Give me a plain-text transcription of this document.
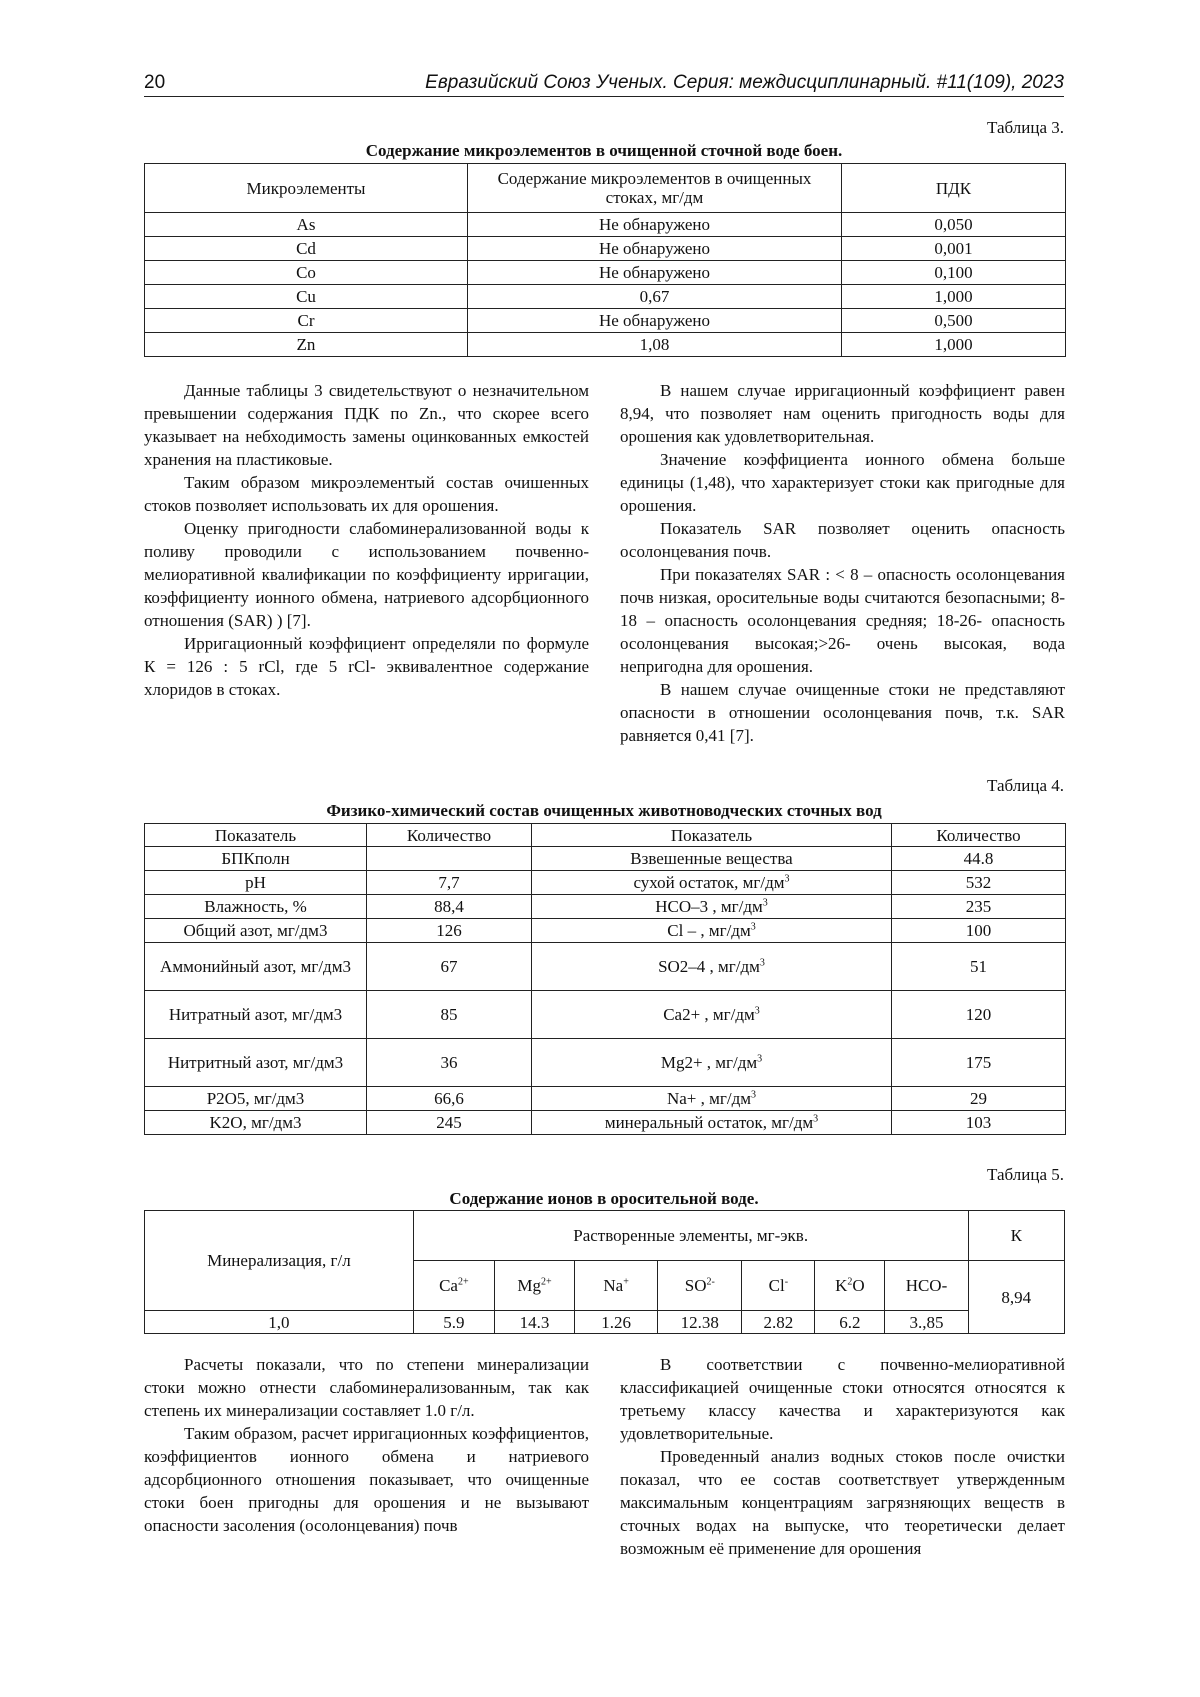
20	Евразийский Союз Ученых. Серия: междисциплинарный. #11(109), 2023
Таблица 3.
Содержание микроэлементов в очищенной сточной воде боен.
Микроэлементы	Содержание микроэлементов в очищенных стоках, мг/дм	ПДК
As	Не обнаружено	0,050
Cd	Не обнаружено	0,001
Co	Не обнаружено	0,100
Cu	0,67	1,000
Cr	Не обнаружено	0,500
Zn	1,08	1,000

Данные таблицы 3 свидетельствуют о незначительном превышении содержания ПДК по Zn., что скорее всего указывает на небходимость замены оцинкованных емкостей хранения на пластиковые.

Таким образом микроэлементый состав очишенных стоков позволяет использовать их для орошения.

Оценку пригодности слабоминерализованной воды к поливу проводили с использованием почвенно-мелиоративной квалификации по коэффициенту ирригации, коэффициенту ионного обмена, натриевого адсорбционного отношения (SAR) ) [7].

Ирригационный коэффициент определяли по формуле К = 126 : 5 rCl, где 5 rCl- эквивалентное содержание хлоридов в стоках.

В нашем случае ирригационный коэффициент равен 8,94, что позволяет нам оценить пригодность воды для орошения как удовлетворительная.

Значение коэффициента ионного обмена больше единицы (1,48), что характеризует стоки как пригодные для орошения.

Показатель SAR позволяет оценить опасность осолонцевания почв.

При показателях SAR : < 8 – опасность осолонцевания почв низкая, оросительные воды считаются безопасными; 8-18 – опасность осолонцевания средняя; 18-26- опасность осолонцевания высокая;>26- очень высокая, вода непригодна для орошения.

В нашем случае очищенные стоки не представляют опасности в отношении осолонцевания почв, т.к. SAR равняется 0,41 [7].

Таблица 4.
Физико-химический состав очищенных животноводческих сточных вод
Показатель	Количество	Показатель	Количество
БПКполн		Взвешенные вещества	44.8
pH	7,7	сухой остаток, $мг/дм^3$	532
Влажность, %	88,4	HCO–3 , $мг/дм^3$	235
Общий азот, мг/дм3	126	Cl – , $мг/дм^3$	100
Аммонийный азот, мг/дм3	67	SO2–4 , $мг/дм^3$	51
Нитратный азот, мг/дм3	85	Ca2+ , $мг/дм^3$	120
Нитритный азот, мг/дм3	36	Mg2+ , $мг/дм^3$	175
P2O5, мг/дм3	66,6	Na+ , $мг/дм^3$	29
K2O, мг/дм3	245	минеральный остаток, $мг/дм^3$	103
Таблица 5.
Содержание ионов в оросительной воде.
Минерализация, г/л	Растворенные элементы, мг-экв.							К
	$Ca^{2+}$	$Mg^{2+}$	Na+	$SO^{2-}$	Cl-	$K^2O$	HCO-	8,94
1,0	5.9	14.3	1.26	12.38	2.82	6.2	3.,85	

Расчеты показали, что по степени минерализации стоки можно отнести слабоминерализованным, так как степень их минерализации составляет 1.0 г/л.

Таким образом, расчет ирригационных коэффициентов, коэффициентов ионного обмена и натриевого адсорбционного отношения показывает, что очищенные стоки боен пригодны для орошения и не вызывают опасности засоления (осолонцевания) почв

В соответствии с почвенно-мелиоративной классификацией очищенные стоки относятся относятся к третьему классу качества и характеризуются как удовлетворительные.

Проведенный анализ водных стоков после очистки показал, что ее состав соответствует утвержденным максимальным концентрациям загрязняющих веществ в сточных водах на выпуске, что теоретически делает возможным её применение для орошения
